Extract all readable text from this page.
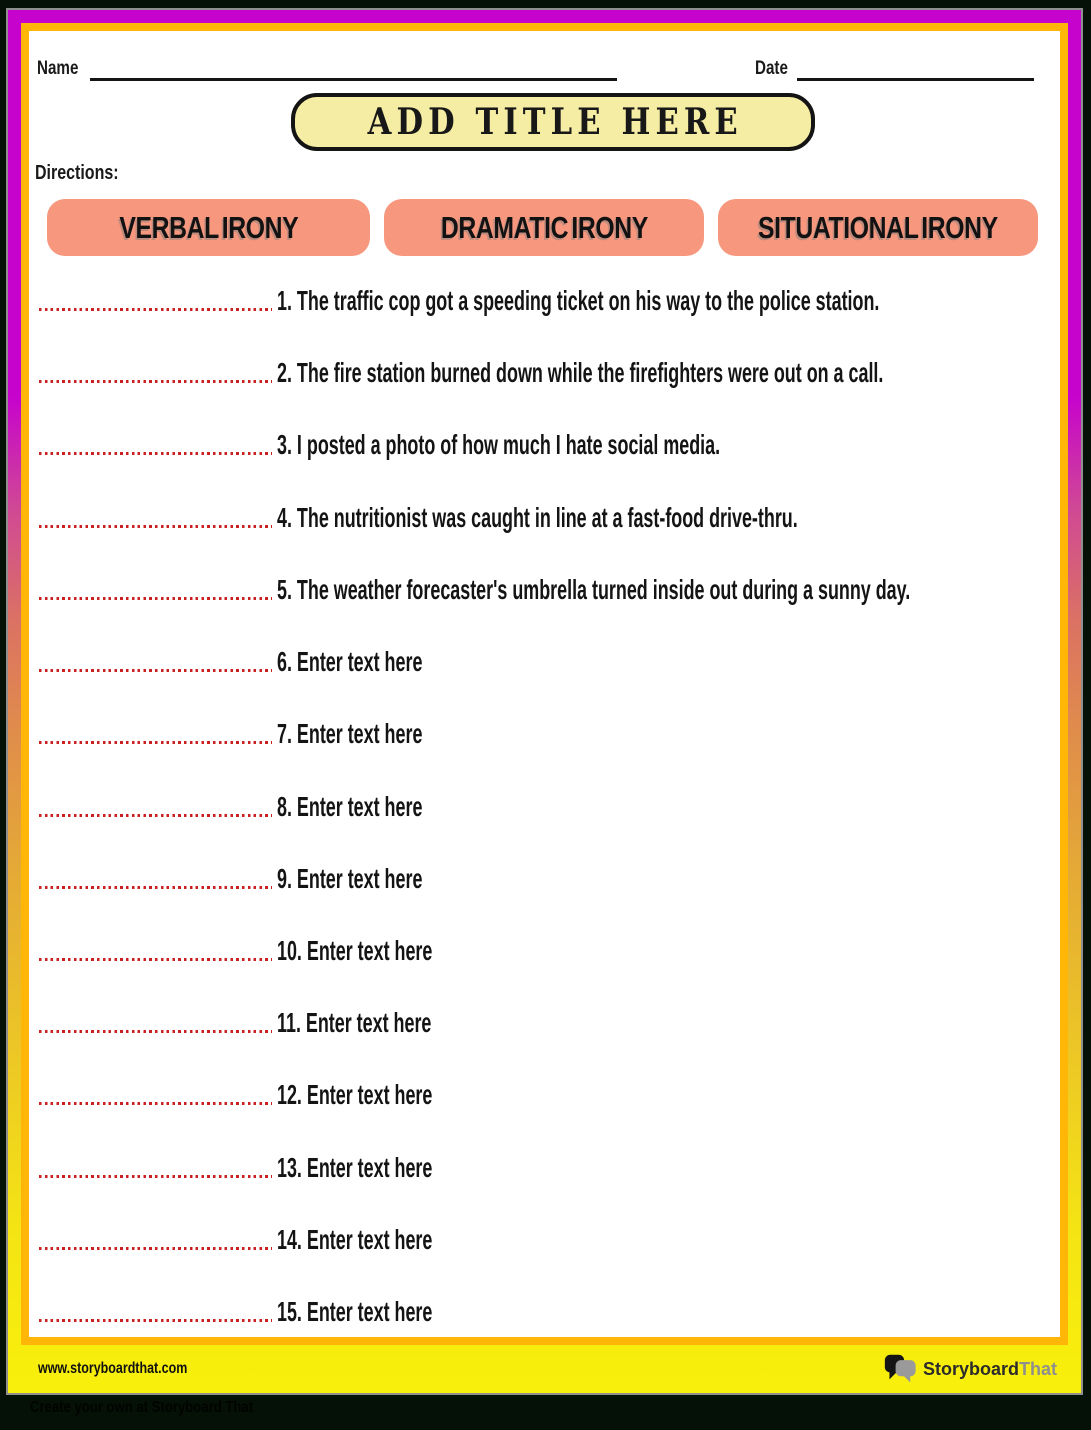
Name	Date
ADD TITLE HERE
Directions:
VERBAL IRONY	DRAMATIC IRONY	SITUATIONAL IRONY
1. The traffic cop got a speeding ticket on his way to the police station.
2. The fire station burned down while the firefighters were out on a call.
3. I posted a photo of how much I hate social media.
4. The nutritionist was caught in line at a fast-food drive-thru.
5. The weather forecaster's umbrella turned inside out during a sunny day.
6. Enter text here
7. Enter text here
8. Enter text here
9. Enter text here
10. Enter text here
11. Enter text here
12. Enter text here
13. Enter text here
14. Enter text here
15. Enter text here
www.storyboardthat.com	StoryboardThat
Create your own at Storyboard That
